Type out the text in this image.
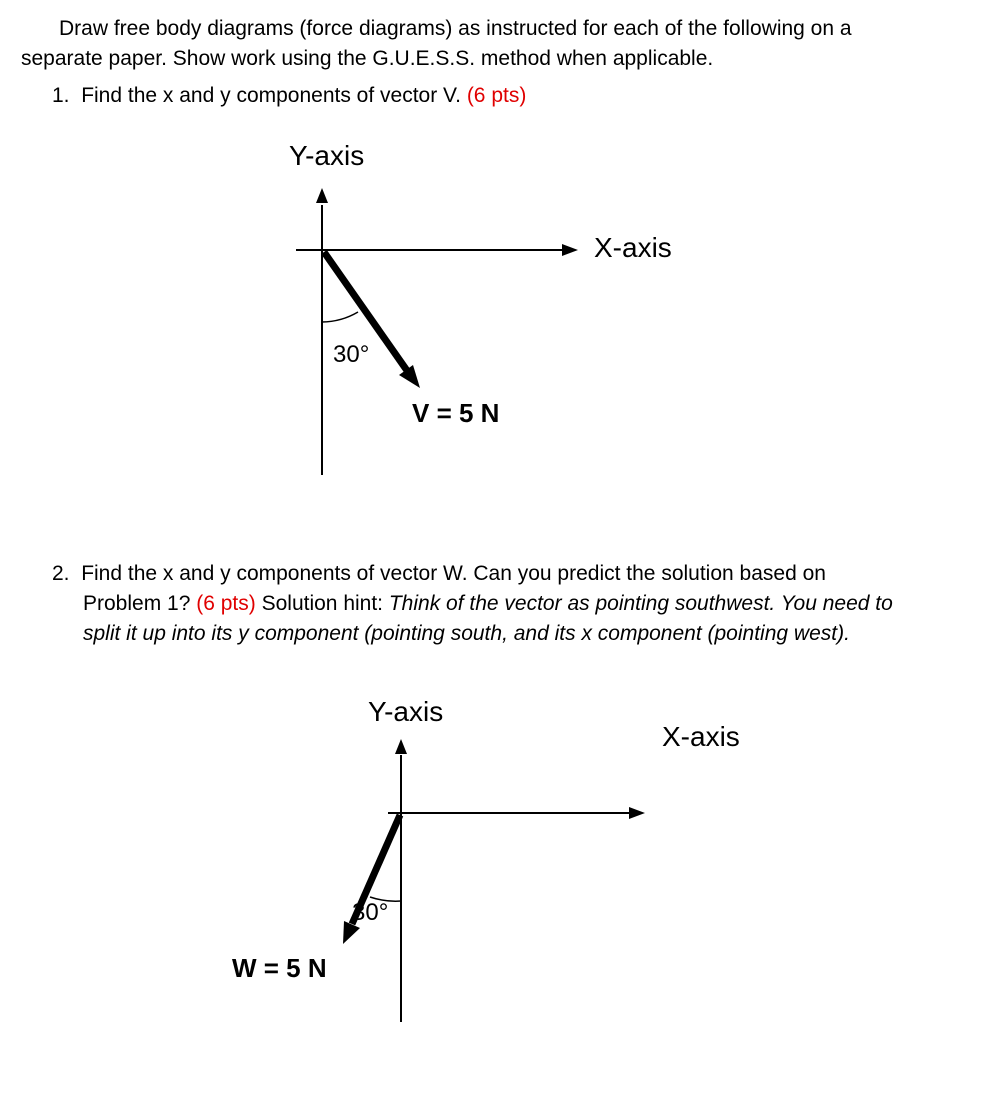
Draw free body diagrams (force diagrams) as instructed for each of the following on a
separate paper. Show work using the G.U.E.S.S. method when applicable.
1. Find the x and y components of vector V. (6 pts)
Y-axis
X-axis
30°
V = 5 N
2. Find the x and y components of vector W. Can you predict the solution based on
Problem 1? (6 pts) Solution hint: Think of the vector as pointing southwest. You need to
split it up into its y component (pointing south, and its x component (pointing west).
Y-axis
X-axis
30°
W = 5 N
